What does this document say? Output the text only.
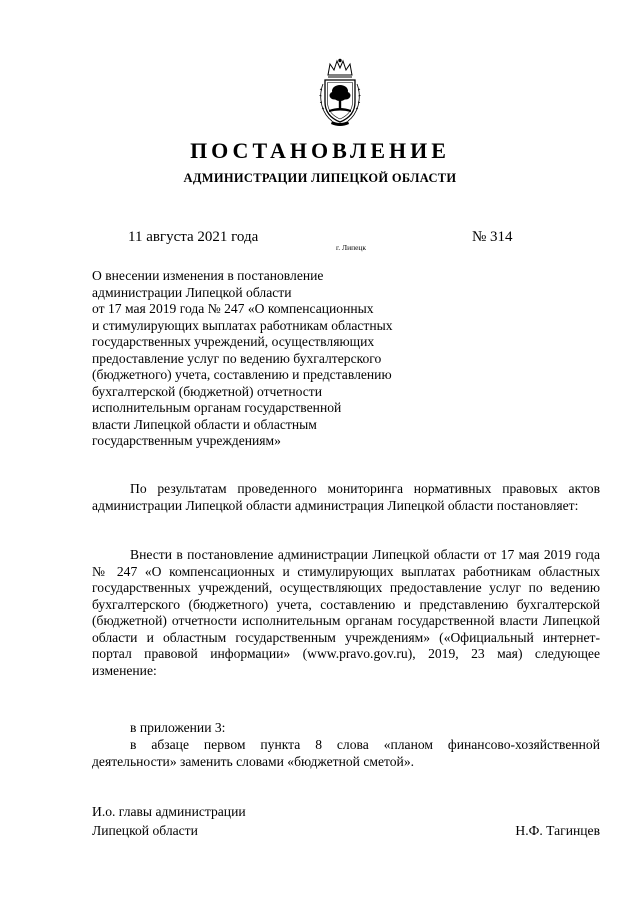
ПОСТАНОВЛЕНИЕ
АДМИНИСТРАЦИИ ЛИПЕЦКОЙ ОБЛАСТИ
11 августа 2021 года
г. Липецк
№ 314
О внесении изменения в постановление
администрации Липецкой области
от 17 мая 2019 года № 247 «О компенсационных
и стимулирующих выплатах работникам областных
государственных учреждений, осуществляющих
предоставление услуг по ведению бухгалтерского
(бюджетного) учета, составлению и представлению
бухгалтерской (бюджетной) отчетности
исполнительным органам государственной
власти Липецкой области и областным
государственным учреждениям»
По результатам проведенного мониторинга нормативных правовых актов администрации Липецкой области администрация Липецкой области постановляет:
Внести в постановление администрации Липецкой области от 17 мая 2019 года № 247 «О компенсационных и стимулирующих выплатах работникам областных государственных учреждений, осуществляющих предоставление услуг по ведению бухгалтерского (бюджетного) учета, составлению и представлению бухгалтерской (бюджетной) отчетности исполнительным органам государственной власти Липецкой области и областным государственным учреждениям» («Официальный интернет-портал правовой информации» (www.pravo.gov.ru), 2019, 23 мая) следующее изменение:
в приложении 3:
в абзаце первом пункта 8 слова «планом финансово-хозяйственной деятельности» заменить словами «бюджетной сметой».
И.о. главы администрации
Липецкой области	Н.Ф. Тагинцев
